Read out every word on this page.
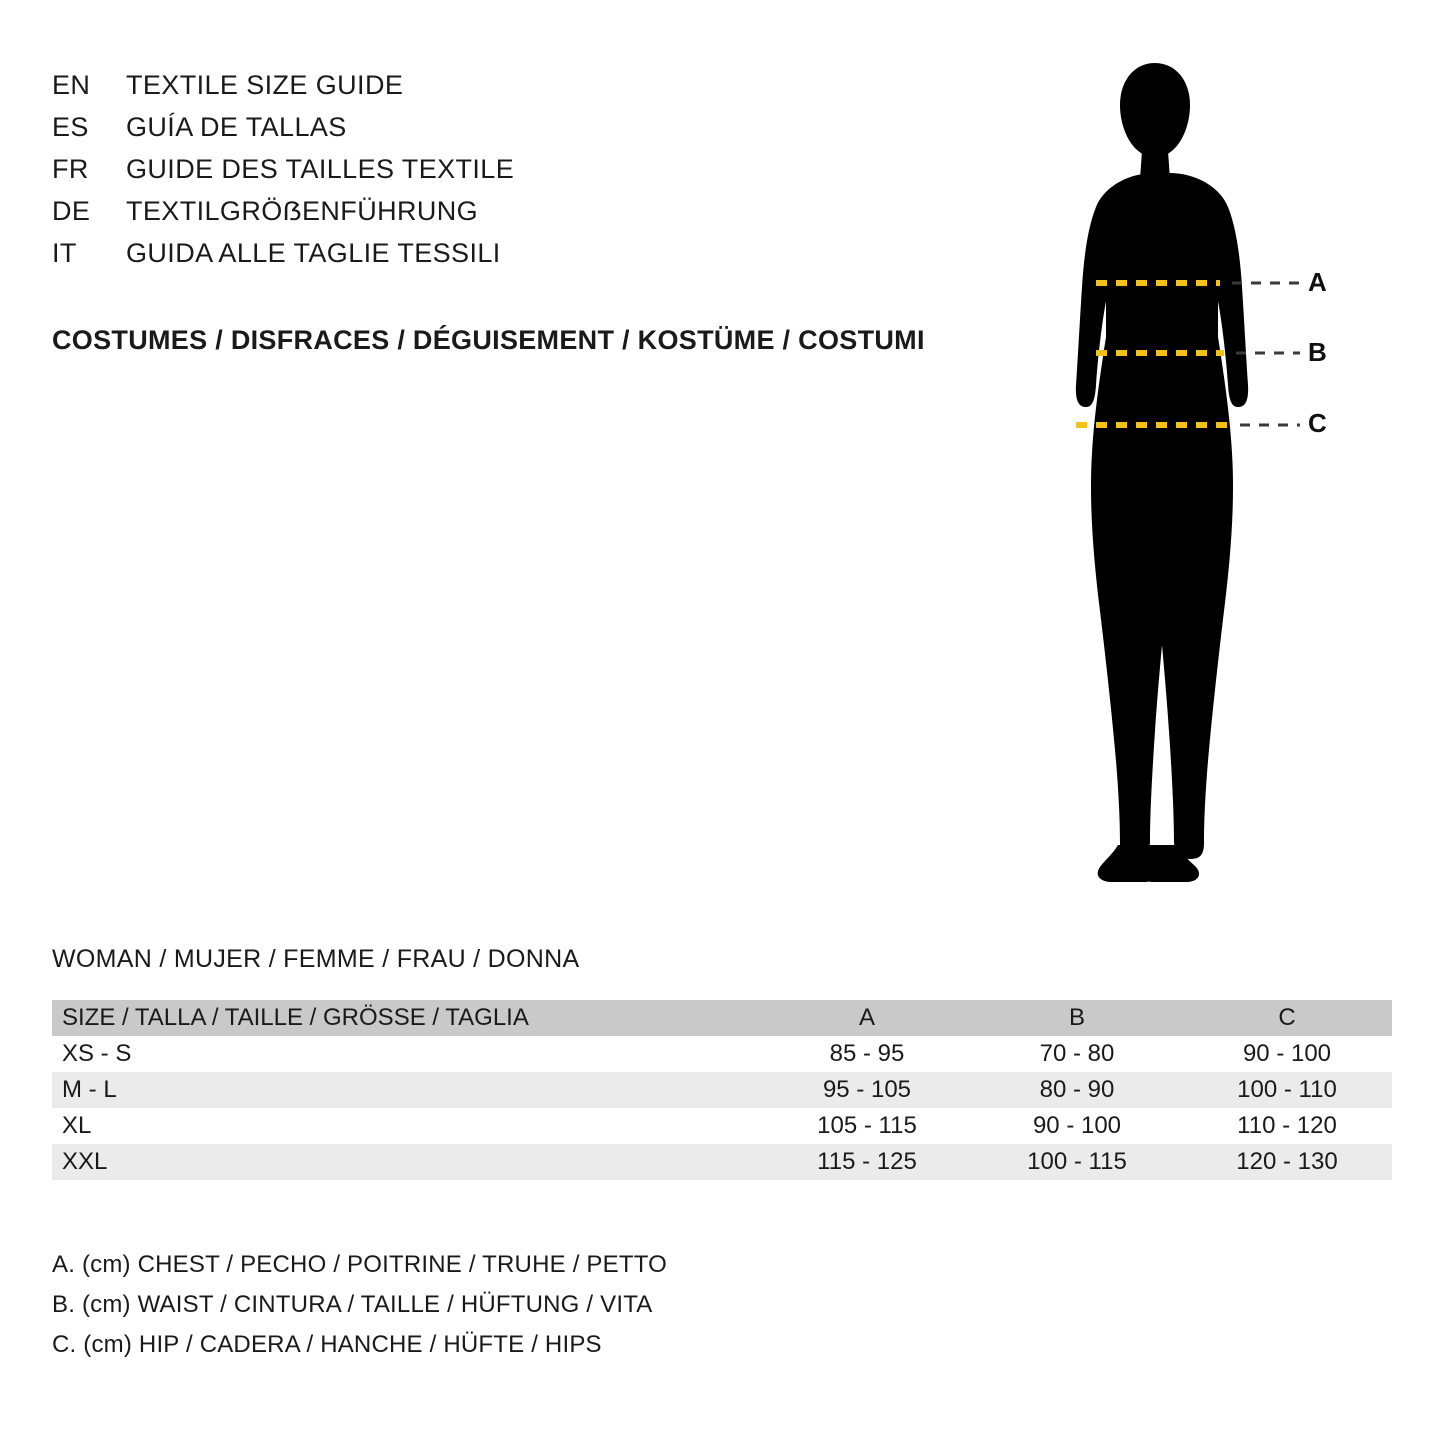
EN	TEXTILE SIZE GUIDE
ES	GUÍA DE TALLAS
FR	GUIDE DES TAILLES TEXTILE
DE	TEXTILGRÖẞENFÜHRUNG
IT	GUIDA ALLE TAGLIE TESSILI
COSTUMES / DISFRACES / DÉGUISEMENT / KOSTÜME / COSTUMI
A
B
C
WOMAN / MUJER / FEMME / FRAU / DONNA
SIZE / TALLA / TAILLE / GRÖSSE / TAGLIA	A	B	C
XS - S	85 - 95	70 - 80	90 - 100
M - L	95 - 105	80 - 90	100 - 110
XL	105 - 115	90 - 100	110 - 120
XXL	115 - 125	100 - 115	120 - 130
A. (cm) CHEST / PECHO / POITRINE / TRUHE / PETTO
B. (cm) WAIST / CINTURA / TAILLE / HÜFTUNG / VITA
C. (cm) HIP / CADERA / HANCHE / HÜFTE / HIPS
